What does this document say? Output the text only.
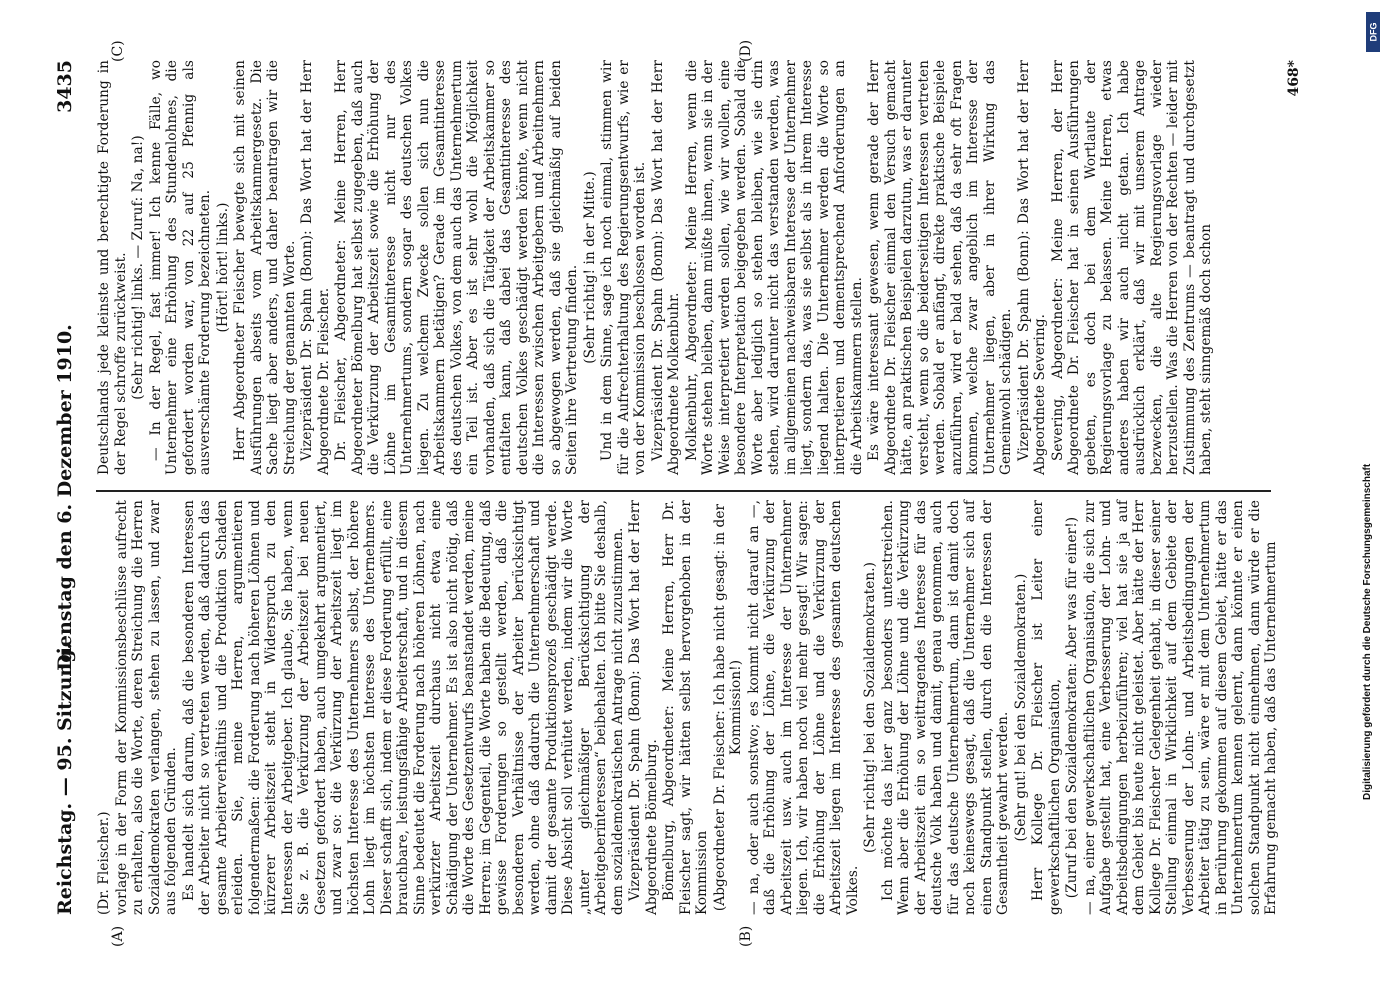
Reichstag. — 95. Sitzung.
Dienstag den 6. Dezember 1910.
3435
(A)	(B)
(C)	(D)

(Dr. Fleischer.) vorlage in der Form der Kommissionsbeschlüsse aufrecht zu erhalten, also die Worte, deren Streichung die Herren Sozialdemokraten verlangen, stehen zu lassen, und zwar aus folgenden Gründen. Es handelt sich darum, daß die besonderen Interessen der Arbeiter nicht so vertreten werden, daß dadurch das gesamte Arbeiterverhältnis und die Produktion Schaden erleiden. Sie, meine Herren, argumentieren folgendermaßen: die Forderung nach höheren Löhnen und kürzerer Arbeitszeit steht in Widerspruch zu den Interessen der Arbeitgeber. Ich glaube, Sie haben, wenn Sie z. B. die Verkürzung der Arbeitszeit bei neuen Gesetzen gefordert haben, auch umgekehrt argumentiert, und zwar so: die Verkürzung der Arbeitszeit liegt im höchsten Interesse des Unternehmers selbst, der höhere Lohn liegt im höchsten Interesse des Unternehmers. Dieser schafft sich, indem er diese Forderung erfüllt, eine brauchbare, leistungsfähige Arbeiterschaft, und in diesem Sinne bedeutet die Forderung nach höheren Löhnen, nach verkürzter Arbeitszeit durchaus nicht etwa eine Schädigung der Unternehmer. Es ist also nicht nötig, daß die Worte des Gesetzentwurfs beanstandet werden, meine Herren; im Gegenteil, die Worte haben die Bedeutung, daß gewisse Forderungen so gestellt werden, daß die besonderen Verhältnisse der Arbeiter berücksichtigt werden, ohne daß dadurch die Unternehmerschaft und damit der gesamte Produktionsprozeß geschädigt werde. Diese Absicht soll verhütet werden, indem wir die Worte „unter gleichmäßiger Berücksichtigung der Arbeitgeberinteressen“ beibehalten. Ich bitte Sie deshalb, dem sozialdemokratischen Antrage nicht zuzustimmen. Vizepräsident Dr. Spahn (Bonn): Das Wort hat der Herr Abgeordnete Bömelburg. Bömelburg, Abgeordneter: Meine Herren, Herr Dr. Fleischer sagt, wir hätten selbst hervorgehoben in der Kommission (Abgeordneter Dr. Fleischer: Ich habe nicht gesagt: in der Kommission!) — na, oder auch sonstwo; es kommt nicht darauf an —, daß die Erhöhung der Löhne, die Verkürzung der Arbeitszeit usw. auch im Interesse der Unternehmer liegen. Ich, wir haben noch viel mehr gesagt! Wir sagen: die Erhöhung der Löhne und die Verkürzung der Arbeitszeit liegen im Interesse des gesamten deutschen Volkes.

(Sehr richtig! bei den Sozialdemokraten.) Ich möchte das hier ganz besonders unterstreichen. Wenn aber die Erhöhung der Löhne und die Verkürzung der Arbeitszeit ein so weittragendes Interesse für das deutsche Volk haben und damit, genau genommen, auch für das deutsche Unternehmertum, dann ist damit doch noch keineswegs gesagt, daß die Unternehmer sich auf einen Standpunkt stellen, durch den die Interessen der Gesamtheit gewahrt werden. (Sehr gut! bei den Sozialdemokraten.) Herr Kollege Dr. Fleischer ist Leiter einer gewerkschaftlichen Organisation, (Zuruf bei den Sozialdemokraten: Aber was für einer!) — na, einer gewerkschaftlichen Organisation, die sich zur Aufgabe gestellt hat, eine Verbesserung der Lohn- und Arbeitsbedingungen herbeizuführen; viel hat sie ja auf dem Gebiet bis heute nicht geleistet. Aber hätte der Herr Kollege Dr. Fleischer Gelegenheit gehabt, in dieser seiner Stellung einmal in Wirklichkeit auf dem Gebiete der Verbesserung der Lohn- und Arbeitsbedingungen der Arbeiter tätig zu sein, wäre er mit dem Unternehmertum in Berührung gekommen auf diesem Gebiet, hätte er das Unternehmertum kennen gelernt, dann könnte er einen solchen Standpunkt nicht einnehmen, dann würde er die Erfahrung gemacht haben, daß das Unternehmertum

Deutschlands jede kleinste und berechtigte Forderung in der Regel schroffe zurückweist. (Sehr richtig! links. — Zuruf: Na, na!) — In der Regel, fast immer! Ich kenne Fälle, wo Unternehmer eine Erhöhung des Stundenlohnes, die gefordert worden war, von 22 auf 25 Pfennig als ausverschämte Forderung bezeichneten. (Hört! hört! links.) Herr Abgeordneter Fleischer bewegte sich mit seinen Ausführungen abseits vom Arbeitskammergesetz. Die Sache liegt aber anders, und daher beantragen wir die Streichung der genannten Worte. Vizepräsident Dr. Spahn (Bonn): Das Wort hat der Herr Abgeordnete Dr. Fleischer. Dr. Fleischer, Abgeordneter: Meine Herren, Herr Abgeordneter Bömelburg hat selbst zugegeben, daß auch die Verkürzung der Arbeitszeit sowie die Erhöhung der Löhne im Gesamtinteresse nicht nur des Unternehmertums, sondern sogar des deutschen Volkes liegen. Zu welchem Zwecke sollen sich nun die Arbeitskammern betätigen? Gerade im Gesamtinteresse des deutschen Volkes, von dem auch das Unternehmertum ein Teil ist. Aber es ist sehr wohl die Möglichkeit vorhanden, daß sich die Tätigkeit der Arbeitskammer so entfalten kann, daß dabei das Gesamtinteresse des deutschen Volkes geschädigt werden könnte, wenn nicht die Interessen zwischen Arbeitgebern und Arbeitnehmern so abgewogen werden, daß sie gleichmäßig auf beiden Seiten ihre Vertretung finden. (Sehr richtig! in der Mitte.) Und in dem Sinne, sage ich noch einmal, stimmen wir für die Aufrechterhaltung des Regierungsentwurfs, wie er von der Kommission beschlossen worden ist. Vizepräsident Dr. Spahn (Bonn): Das Wort hat der Herr Abgeordnete Molkenbuhr. Molkenbuhr, Abgeordneter: Meine Herren, wenn die Worte stehen bleiben, dann müßte ihnen, wenn sie in der Weise interpretiert werden sollen, wie wir wollen, eine besondere Interpretation beigegeben werden. Sobald die Worte aber lediglich so stehen bleiben, wie sie drin stehen, wird darunter nicht das verstanden werden, was im allgemeinen nachweisbaren Interesse der Unternehmer liegt, sondern das, was sie selbst als in ihrem Interesse liegend halten. Die Unternehmer werden die Worte so interpretieren und dementsprechend Anforderungen an die Arbeitskammern stellen. Es wäre interessant gewesen, wenn gerade der Herr Abgeordnete Dr. Fleischer einmal den Versuch gemacht hätte, an praktischen Beispielen darzutun, was er darunter versteht, wenn so die beiderseitigen Interessen vertreten werden. Sobald er anfängt, direkte praktische Beispiele anzuführen, wird er bald sehen, daß da sehr oft Fragen kommen, welche zwar angeblich im Interesse der Unternehmer liegen, aber in ihrer Wirkung das Gemeinwohl schädigen. Vizepräsident Dr. Spahn (Bonn): Das Wort hat der Herr Abgeordnete Severing. Severing, Abgeordneter: Meine Herren, der Herr Abgeordnete Dr. Fleischer hat in seinen Ausführungen gebeten, es doch bei dem Wortlaute der Regierungsvorlage zu belassen. Meine Herren, etwas anderes haben wir auch nicht getan. Ich habe ausdrücklich erklärt, daß wir mit unserem Antrage bezwecken, die alte Regierungsvorlage wieder herzustellen. Was die Herren von der Rechten — leider mit Zustimmung des Zentrums — beantragt und durchgesetzt haben, steht sinngemäß doch schon

468*
DFG
Digitalisierung gefördert durch die Deutsche Forschungsgemeinschaft
